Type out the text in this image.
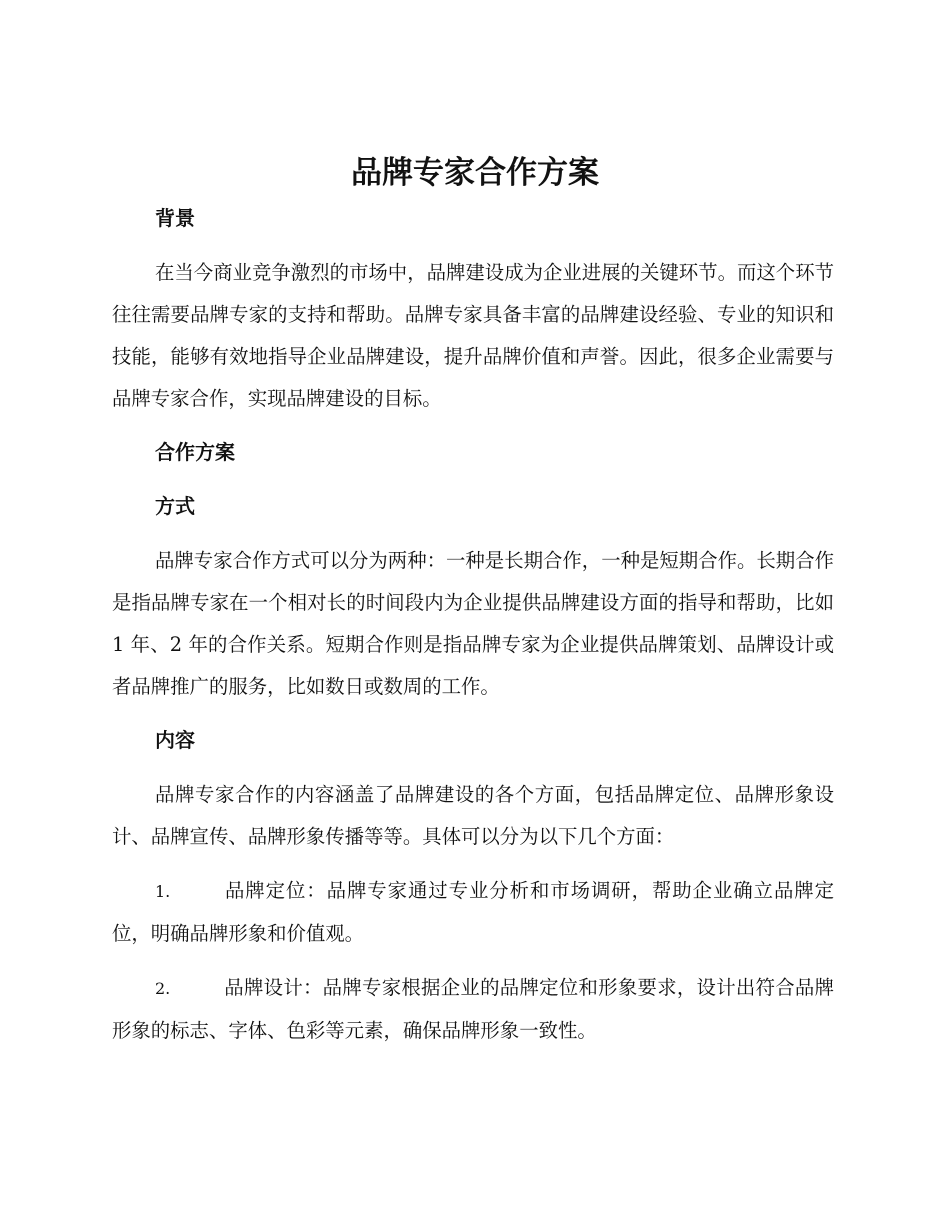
品牌专家合作方案
背景

在当今商业竞争激烈的市场中，品牌建设成为企业进展的关键环节。而这个环节往往需要品牌专家的支持和帮助。品牌专家具备丰富的品牌建设经验、专业的知识和技能，能够有效地指导企业品牌建设，提升品牌价值和声誉。因此，很多企业需要与品牌专家合作，实现品牌建设的目标。

合作方案
方式

品牌专家合作方式可以分为两种：一种是长期合作，一种是短期合作。长期合作是指品牌专家在一个相对长的时间段内为企业提供品牌建设方面的指导和帮助，比如 1 年、2 年的合作关系。短期合作则是指品牌专家为企业提供品牌策划、品牌设计或者品牌推广的服务，比如数日或数周的工作。

内容

品牌专家合作的内容涵盖了品牌建设的各个方面，包括品牌定位、品牌形象设计、品牌宣传、品牌形象传播等等。具体可以分为以下几个方面：

1.	品牌定位：品牌专家通过专业分析和市场调研，帮助企业确立品牌定位，明确品牌形象和价值观。

2.	品牌设计：品牌专家根据企业的品牌定位和形象要求，设计出符合品牌形象的标志、字体、色彩等元素，确保品牌形象一致性。
